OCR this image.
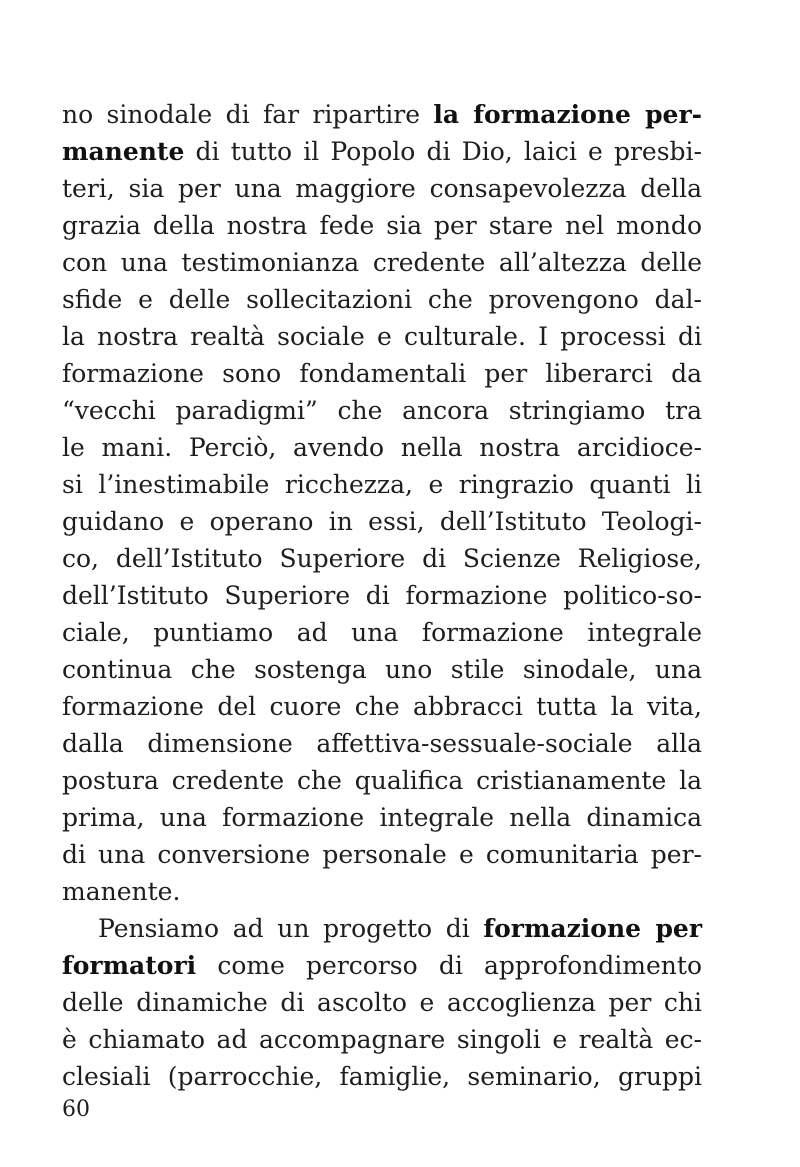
no sinodale di far ripartire la formazione per-
manente di tutto il Popolo di Dio, laici e presbi-
teri, sia per una maggiore consapevolezza della
grazia della nostra fede sia per stare nel mondo
con una testimonianza credente all’altezza delle
sfide e delle sollecitazioni che provengono dal-
la nostra realtà sociale e culturale. I processi di
formazione sono fondamentali per liberarci da
“vecchi paradigmi” che ancora stringiamo tra
le mani. Perciò, avendo nella nostra arcidioce-
si l’inestimabile ricchezza, e ringrazio quanti li
guidano e operano in essi, dell’Istituto Teologi-
co, dell’Istituto Superiore di Scienze Religiose,
dell’Istituto Superiore di formazione politico-so-
ciale, puntiamo ad una formazione integrale
continua che sostenga uno stile sinodale, una
formazione del cuore che abbracci tutta la vita,
dalla dimensione affettiva-sessuale-sociale alla
postura credente che qualifica cristianamente la
prima, una formazione integrale nella dinamica
di una conversione personale e comunitaria per-
manente.
Pensiamo ad un progetto di formazione per
formatori come percorso di approfondimento
delle dinamiche di ascolto e accoglienza per chi
è chiamato ad accompagnare singoli e realtà ec-
clesiali (parrocchie, famiglie, seminario, gruppi
60
